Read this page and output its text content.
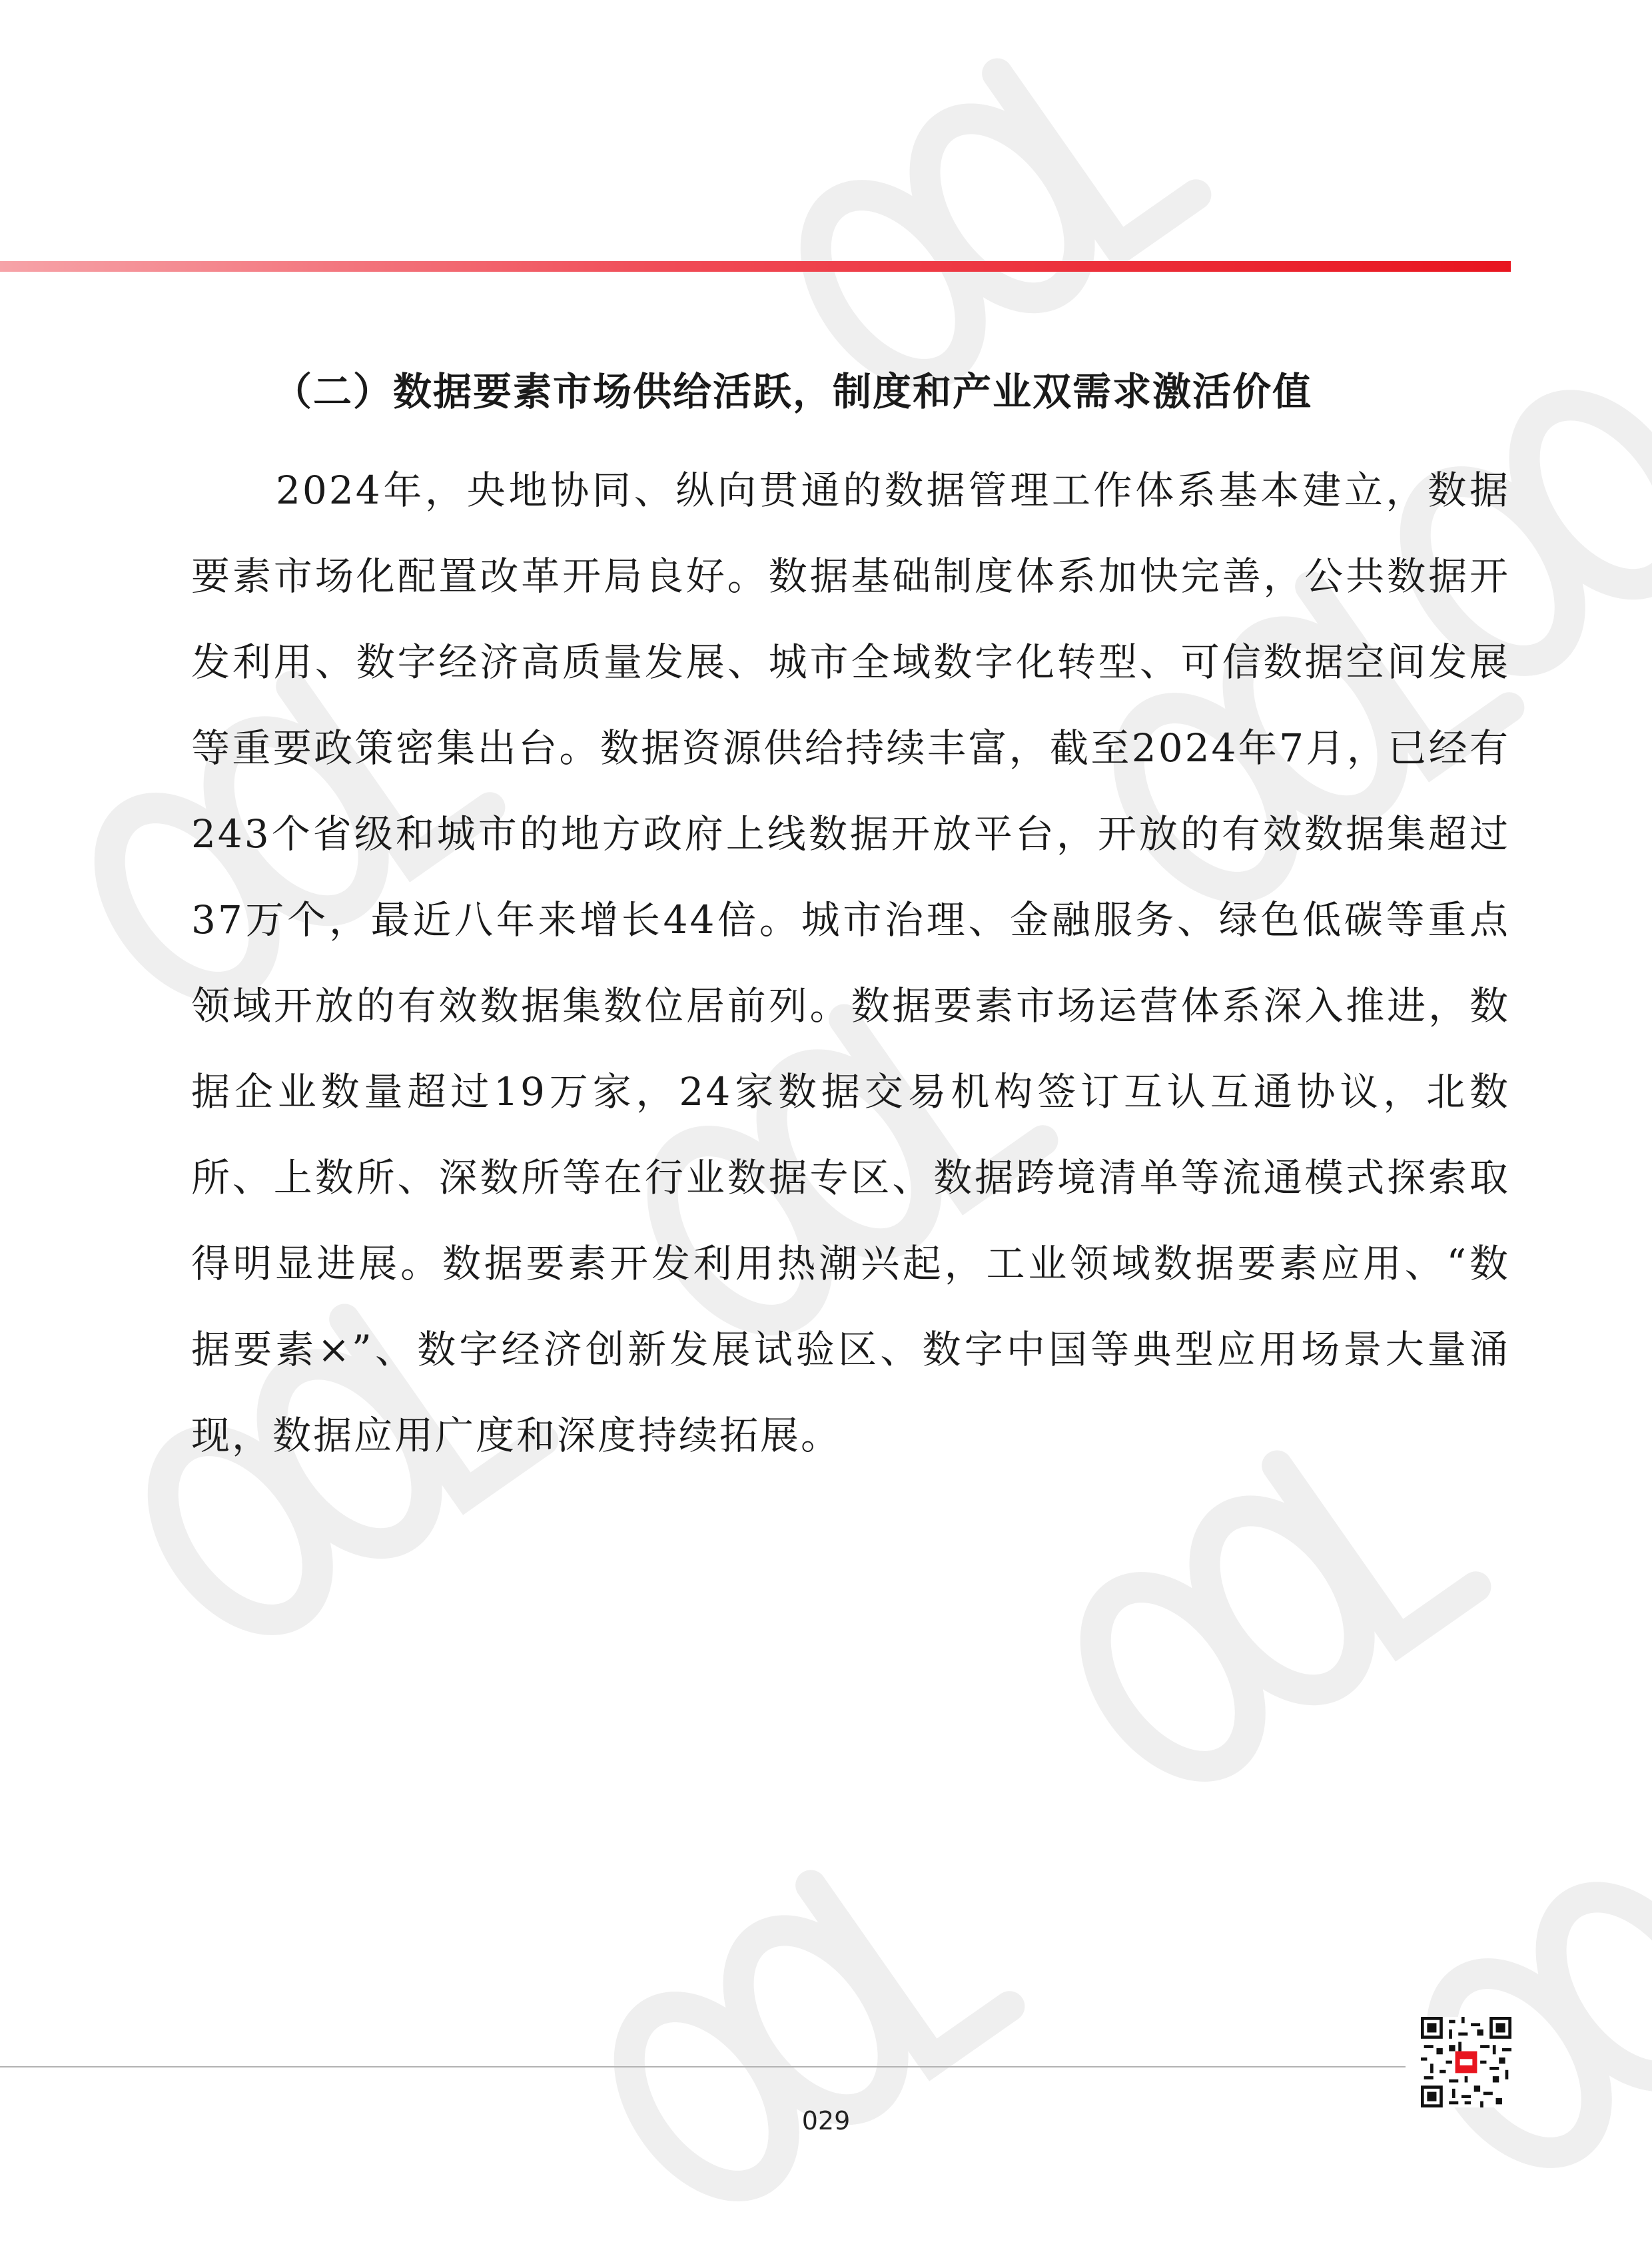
（二）数据要素市场供给活跃，制度和产业双需求激活价值

2024年，央地协同、纵向贯通的数据管理工作体系基本建立，数据要素市场化配置改革开局良好。数据基础制度体系加快完善，公共数据开发利用、数字经济高质量发展、城市全域数字化转型、可信数据空间发展等重要政策密集出台。数据资源供给持续丰富，截至2024年7月，已经有243个省级和城市的地方政府上线数据开放平台，开放的有效数据集超过37万个，最近八年来增长44倍。城市治理、金融服务、绿色低碳等重点领域开放的有效数据集数位居前列。数据要素市场运营体系深入推进，数据企业数量超过19万家，24家数据交易机构签订互认互通协议，北数所、上数所、深数所等在行业数据专区、数据跨境清单等流通模式探索取得明显进展。数据要素开发利用热潮兴起，工业领域数据要素应用、“数据要素×”、数字经济创新发展试验区、数字中国等典型应用场景大量涌现，数据应用广度和深度持续拓展。

029
